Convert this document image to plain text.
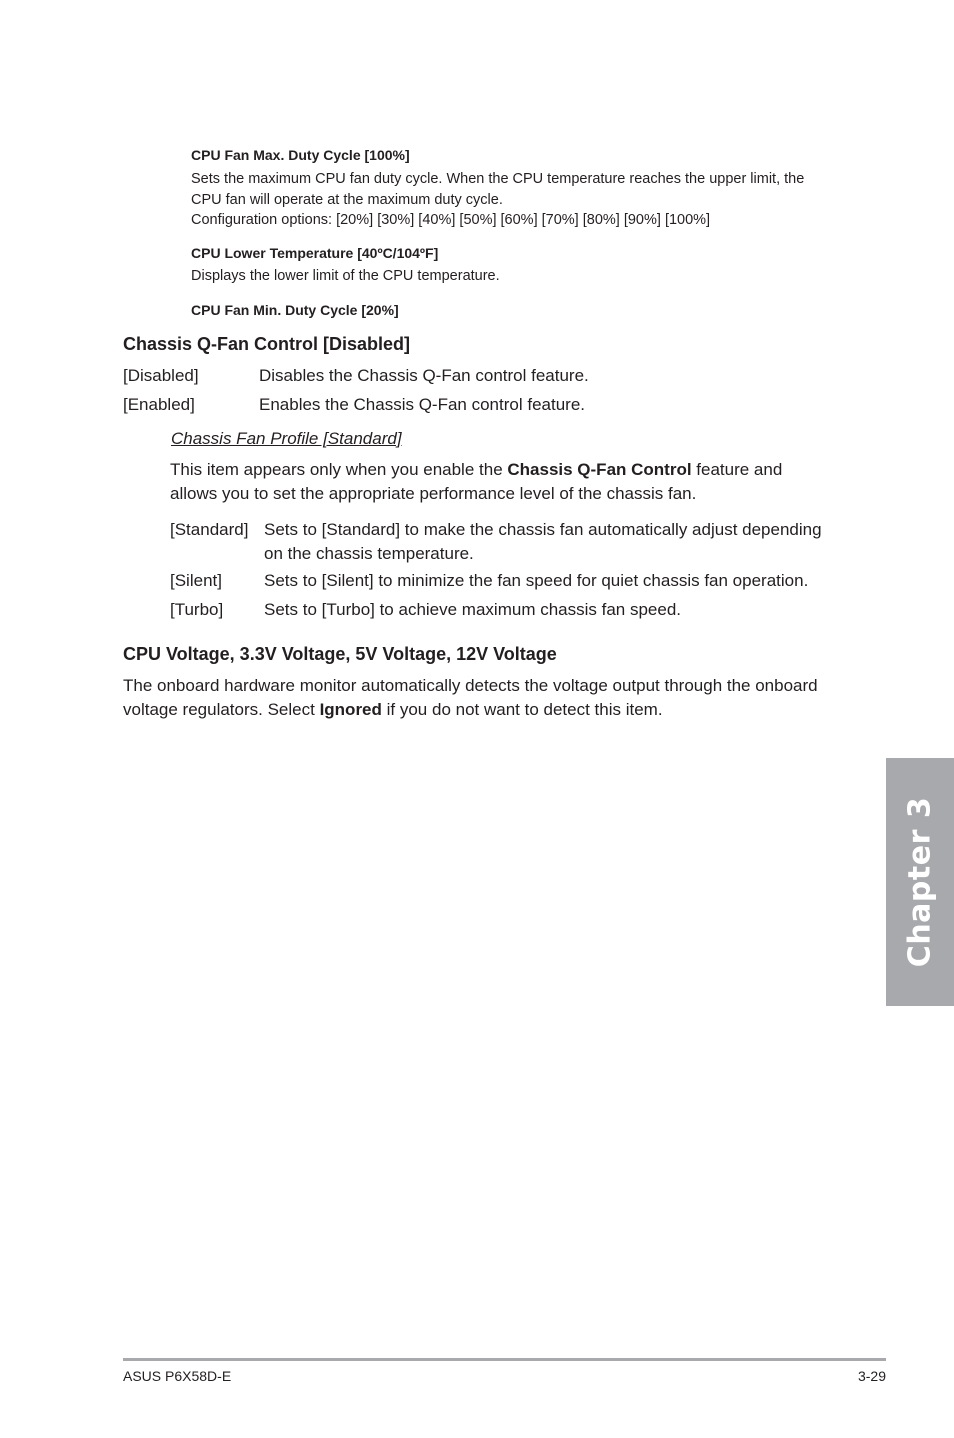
CPU Fan Max. Duty Cycle [100%]
Sets the maximum CPU fan duty cycle. When the CPU temperature reaches the upper limit, the
CPU fan will operate at the maximum duty cycle.
Configuration options: [20%] [30%] [40%] [50%] [60%] [70%] [80%] [90%] [100%]
CPU Lower Temperature [40ºC/104ºF]
Displays the lower limit of the CPU temperature.
CPU Fan Min. Duty Cycle [20%]
Chassis Q-Fan Control [Disabled]
[Disabled]	Disables the Chassis Q-Fan control feature.
[Enabled]	Enables the Chassis Q-Fan control feature.
Chassis Fan Profile [Standard]
This item appears only when you enable the Chassis Q-Fan Control feature and
allows you to set the appropriate performance level of the chassis fan.
[Standard] Sets to [Standard] to make the chassis fan automatically adjust depending
on the chassis temperature.
[Silent] Sets to [Silent] to minimize the fan speed for quiet chassis fan operation.
[Turbo] Sets to [Turbo] to achieve maximum chassis fan speed.
CPU Voltage, 3.3V Voltage, 5V Voltage, 12V Voltage
The onboard hardware monitor automatically detects the voltage output through the onboard
voltage regulators. Select Ignored if you do not want to detect this item.
Chapter 3
ASUS P6X58D-E	3-29
